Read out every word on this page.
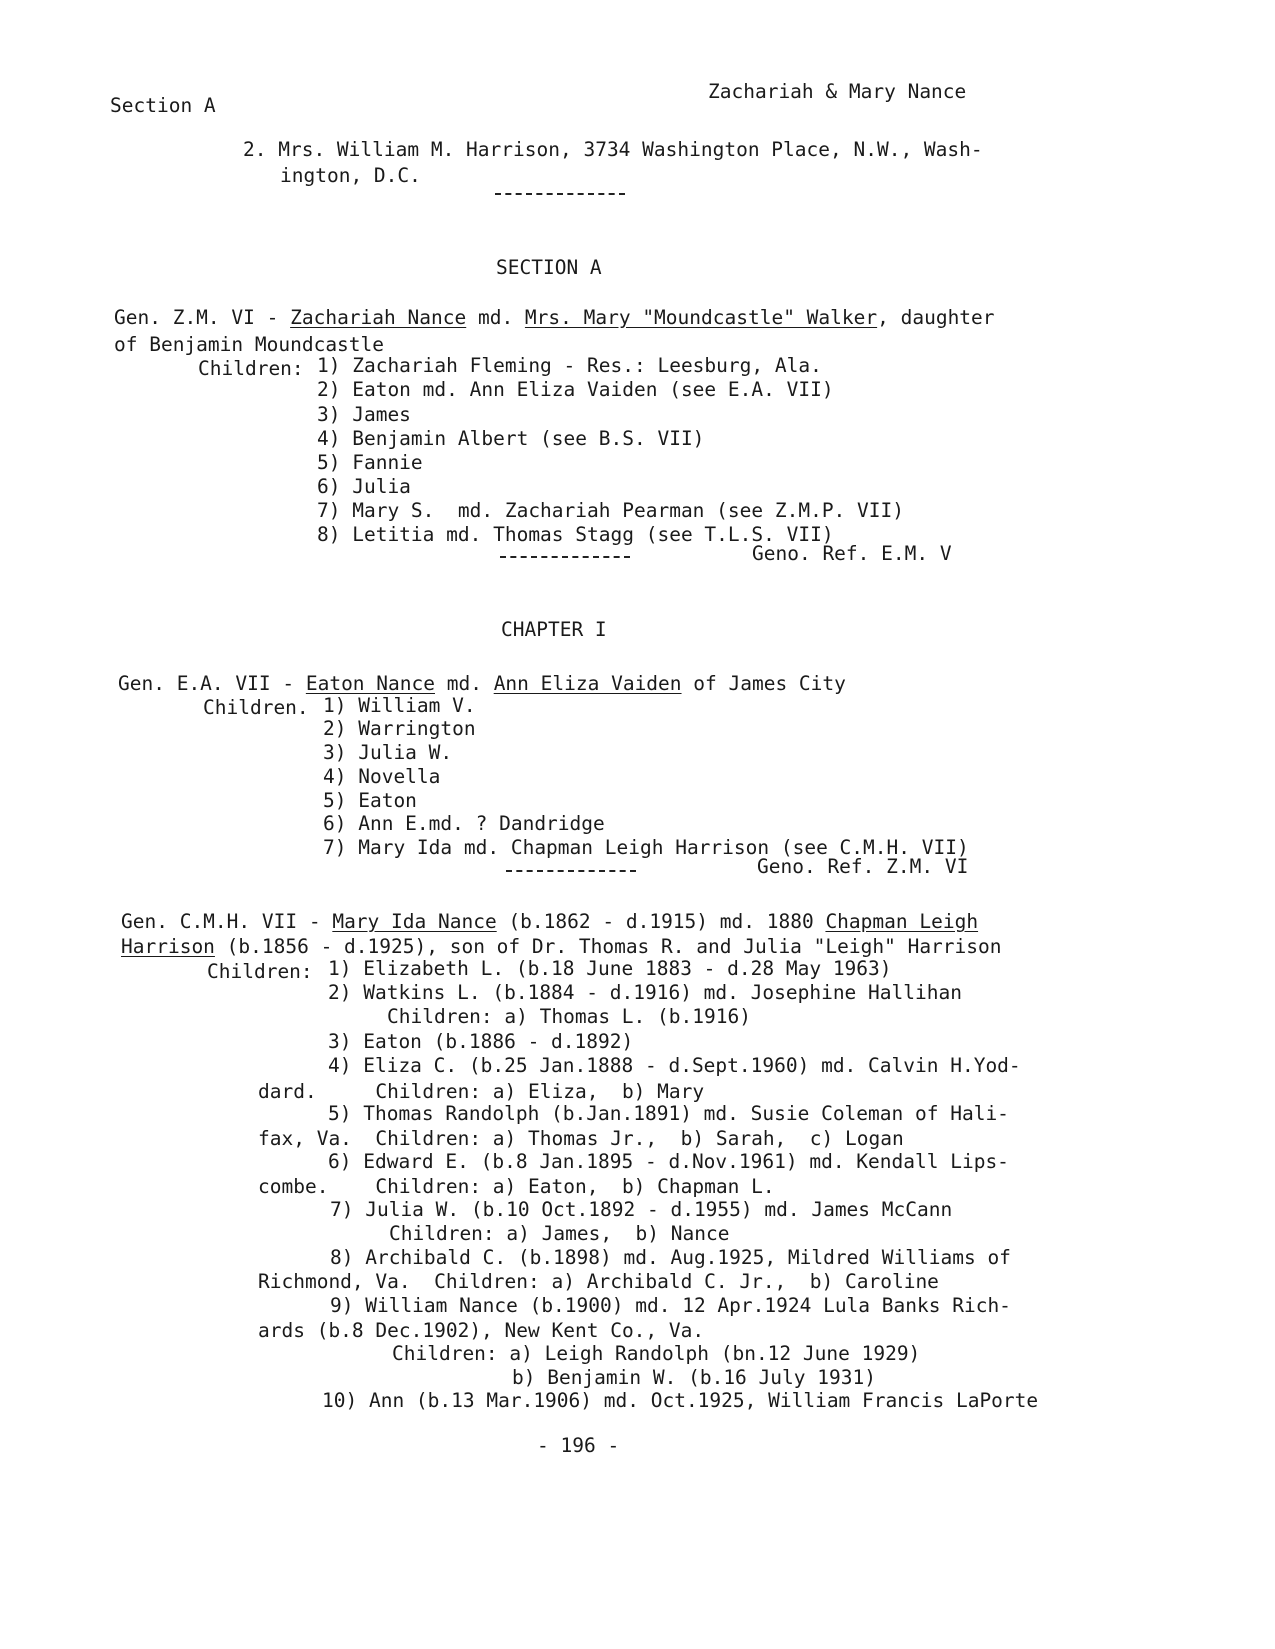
Section A
Zachariah & Mary Nance
2. Mrs. William M. Harrison, 3734 Washington Place, N.W., Wash-
ington, D.C.
SECTION A
Gen. Z.M. VI - Zachariah Nance md. Mrs. Mary "Moundcastle" Walker, daughter
of Benjamin Moundcastle
Children: 1) Zachariah Fleming - Res.: Leesburg, Ala.
2) Eaton md. Ann Eliza Vaiden (see E.A. VII)
3) James
4) Benjamin Albert (see B.S. VII)
5) Fannie
6) Julia
7) Mary S.  md. Zachariah Pearman (see Z.M.P. VII)
8) Letitia md. Thomas Stagg (see T.L.S. VII)
Geno. Ref. E.M. V
CHAPTER I
Gen. E.A. VII - Eaton Nance md. Ann Eliza Vaiden of James City
Children. 1) William V.
2) Warrington
3) Julia W.
4) Novella
5) Eaton
6) Ann E.md. ? Dandridge
7) Mary Ida md. Chapman Leigh Harrison (see C.M.H. VII)
Geno. Ref. Z.M. VI
Gen. C.M.H. VII - Mary Ida Nance (b.1862 - d.1915) md. 1880 Chapman Leigh
Harrison (b.1856 - d.1925), son of Dr. Thomas R. and Julia "Leigh" Harrison
Children: 1) Elizabeth L. (b.18 June 1883 - d.28 May 1963)
2) Watkins L. (b.1884 - d.1916) md. Josephine Hallihan
Children: a) Thomas L. (b.1916)
3) Eaton (b.1886 - d.1892)
4) Eliza C. (b.25 Jan.1888 - d.Sept.1960) md. Calvin H.Yod-
dard.     Children: a) Eliza,  b) Mary
5) Thomas Randolph (b.Jan.1891) md. Susie Coleman of Hali-
fax, Va.  Children: a) Thomas Jr.,  b) Sarah,  c) Logan
6) Edward E. (b.8 Jan.1895 - d.Nov.1961) md. Kendall Lips-
combe.    Children: a) Eaton,  b) Chapman L.
7) Julia W. (b.10 Oct.1892 - d.1955) md. James McCann
Children: a) James,  b) Nance
8) Archibald C. (b.1898) md. Aug.1925, Mildred Williams of
Richmond, Va.  Children: a) Archibald C. Jr.,  b) Caroline
9) William Nance (b.1900) md. 12 Apr.1924 Lula Banks Rich-
ards (b.8 Dec.1902), New Kent Co., Va.
Children: a) Leigh Randolph (bn.12 June 1929)
b) Benjamin W. (b.16 July 1931)
10) Ann (b.13 Mar.1906) md. Oct.1925, William Francis LaPorte
- 196 -
